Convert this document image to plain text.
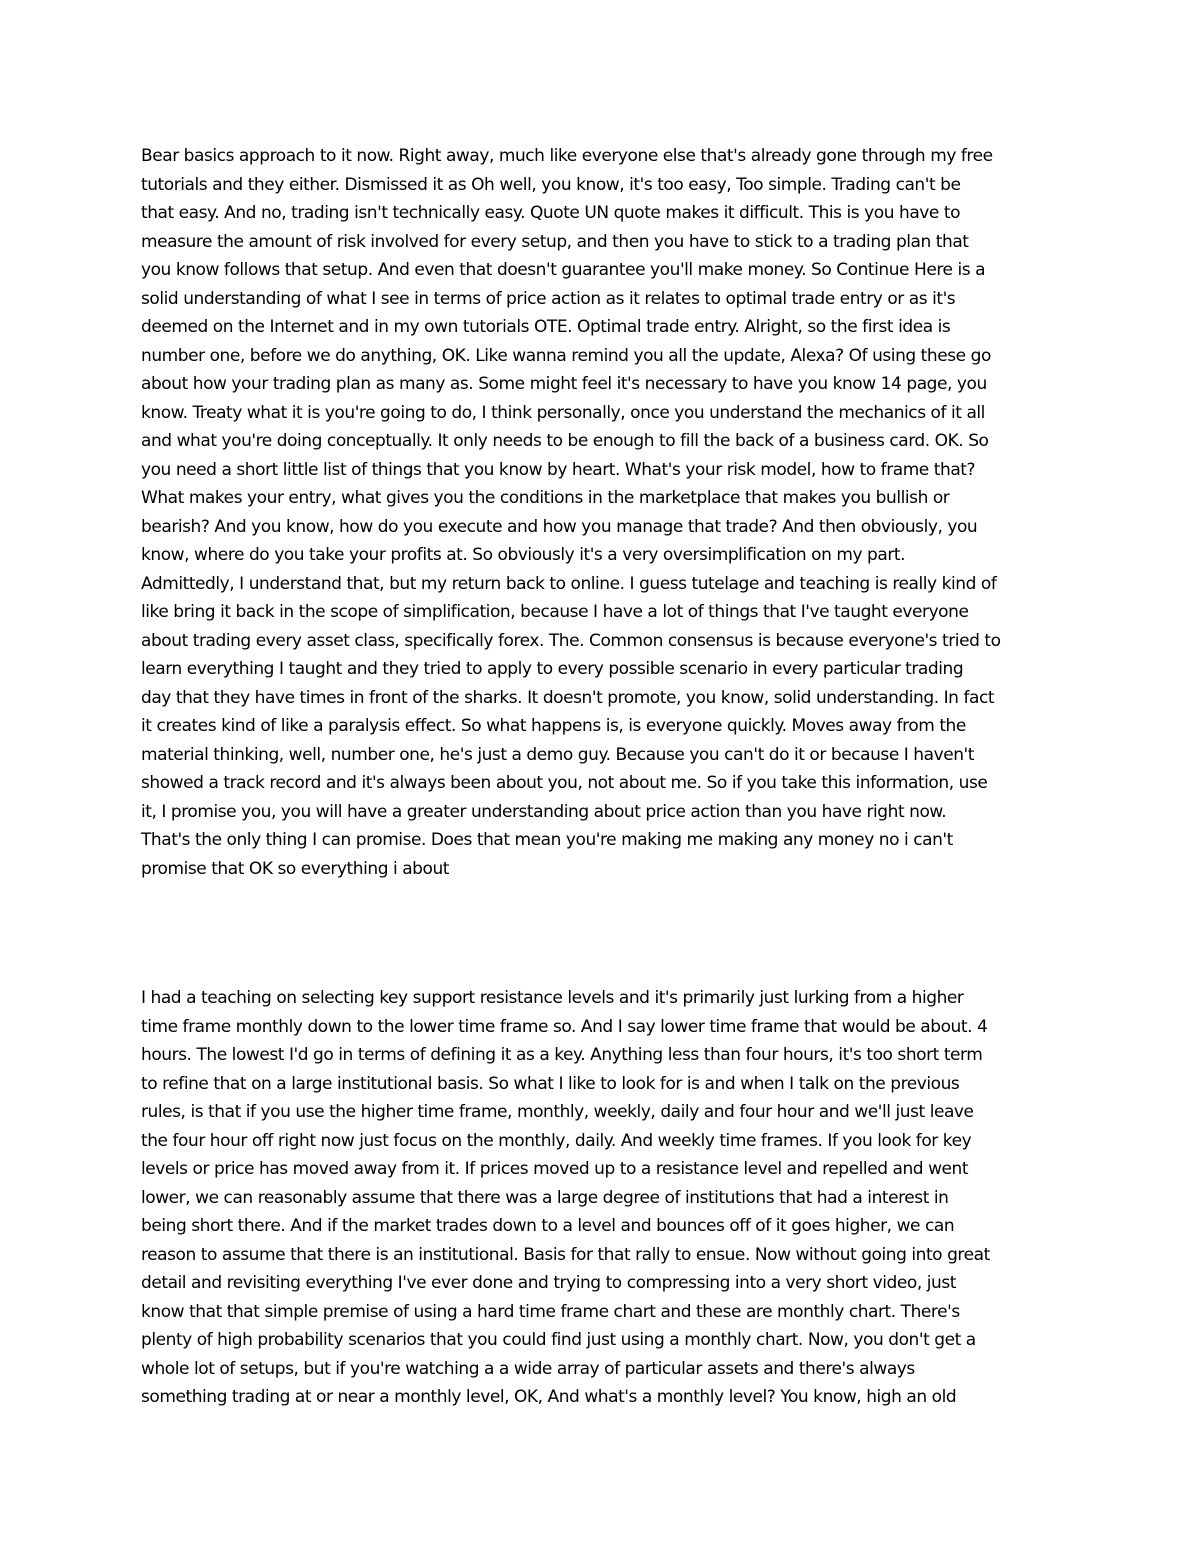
Bear basics approach to it now. Right away, much like everyone else that's already gone through my free
tutorials and they either. Dismissed it as Oh well, you know, it's too easy, Too simple. Trading can't be
that easy. And no, trading isn't technically easy. Quote UN quote makes it difficult. This is you have to
measure the amount of risk involved for every setup, and then you have to stick to a trading plan that
you know follows that setup. And even that doesn't guarantee you'll make money. So Continue Here is a
solid understanding of what I see in terms of price action as it relates to optimal trade entry or as it's
deemed on the Internet and in my own tutorials OTE. Optimal trade entry. Alright, so the first idea is
number one, before we do anything, OK. Like wanna remind you all the update, Alexa? Of using these go
about how your trading plan as many as. Some might feel it's necessary to have you know 14 page, you
know. Treaty what it is you're going to do, I think personally, once you understand the mechanics of it all
and what you're doing conceptually. It only needs to be enough to fill the back of a business card. OK. So
you need a short little list of things that you know by heart. What's your risk model, how to frame that?
What makes your entry, what gives you the conditions in the marketplace that makes you bullish or
bearish? And you know, how do you execute and how you manage that trade? And then obviously, you
know, where do you take your profits at. So obviously it's a very oversimplification on my part.
Admittedly, I understand that, but my return back to online. I guess tutelage and teaching is really kind of
like bring it back in the scope of simplification, because I have a lot of things that I've taught everyone
about trading every asset class, specifically forex. The. Common consensus is because everyone's tried to
learn everything I taught and they tried to apply to every possible scenario in every particular trading
day that they have times in front of the sharks. It doesn't promote, you know, solid understanding. In fact
it creates kind of like a paralysis effect. So what happens is, is everyone quickly. Moves away from the
material thinking, well, number one, he's just a demo guy. Because you can't do it or because I haven't
showed a track record and it's always been about you, not about me. So if you take this information, use
it, I promise you, you will have a greater understanding about price action than you have right now.
That's the only thing I can promise. Does that mean you're making me making any money no i can't
promise that OK so everything i about
I had a teaching on selecting key support resistance levels and it's primarily just lurking from a higher
time frame monthly down to the lower time frame so. And I say lower time frame that would be about. 4
hours. The lowest I'd go in terms of defining it as a key. Anything less than four hours, it's too short term
to refine that on a large institutional basis. So what I like to look for is and when I talk on the previous
rules, is that if you use the higher time frame, monthly, weekly, daily and four hour and we'll just leave
the four hour off right now just focus on the monthly, daily. And weekly time frames. If you look for key
levels or price has moved away from it. If prices moved up to a resistance level and repelled and went
lower, we can reasonably assume that there was a large degree of institutions that had a interest in
being short there. And if the market trades down to a level and bounces off of it goes higher, we can
reason to assume that there is an institutional. Basis for that rally to ensue. Now without going into great
detail and revisiting everything I've ever done and trying to compressing into a very short video, just
know that that simple premise of using a hard time frame chart and these are monthly chart. There's
plenty of high probability scenarios that you could find just using a monthly chart. Now, you don't get a
whole lot of setups, but if you're watching a a wide array of particular assets and there's always
something trading at or near a monthly level, OK, And what's a monthly level? You know, high an old
